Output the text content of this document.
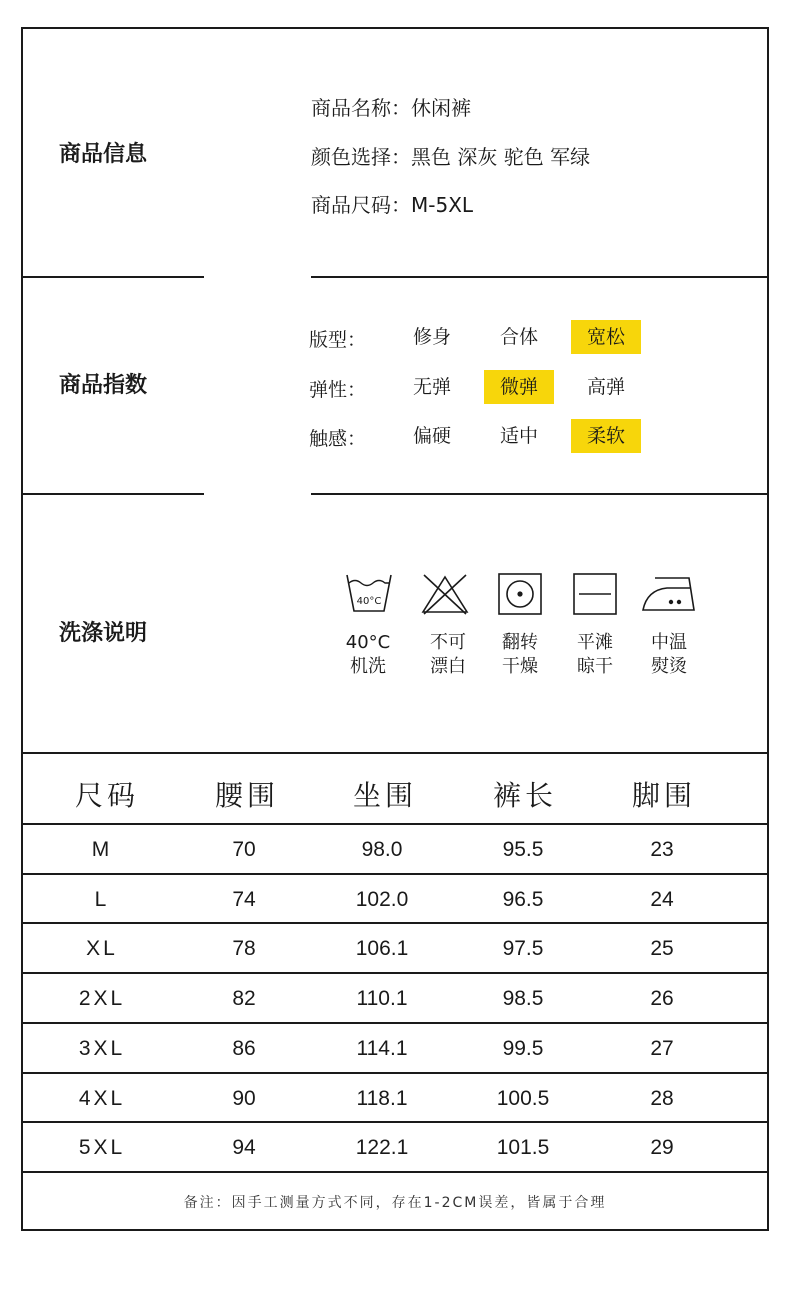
商品信息
商品名称：休闲裤
颜色选择：黑色 深灰 驼色 军绿
商品尺码：M-5XL
商品指数
版型：	修身	合体	宽松
弹性：	无弹	微弹	高弹
触感：	偏硬	适中	柔软
洗涤说明
40°C
40°C
机洗
不可
漂白
翻转
干燥
平滩
晾干
中温
熨烫
尺码	腰围	坐围	裤长	脚围
M	70	98.0	95.5	23
L	74	102.0	96.5	24
XL	78	106.1	97.5	25
2XL	82	110.1	98.5	26
3XL	86	114.1	99.5	27
4XL	90	118.1	100.5	28
5XL	94	122.1	101.5	29
备注：因手工测量方式不同，存在1-2CM误差，皆属于合理
